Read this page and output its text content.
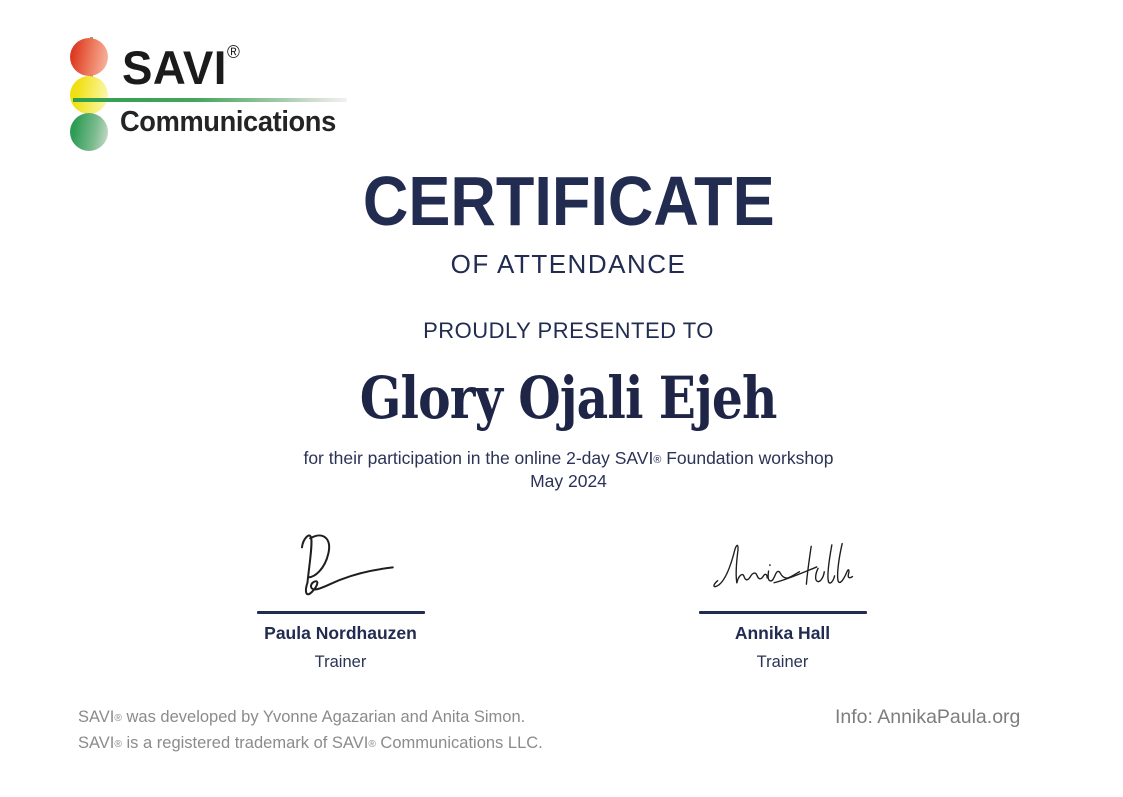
SAVI®
Communications
CERTIFICATE
OF ATTENDANCE
PROUDLY PRESENTED TO
Glory Ojali Ejeh
for their participation in the online 2-day SAVI® Foundation workshop
May 2024
Paula Nordhauzen
Trainer
Annika Hall
Trainer
SAVI® was developed by Yvonne Agazarian and Anita Simon.
SAVI® is a registered trademark of SAVI® Communications LLC.
Info: AnnikaPaula.org
